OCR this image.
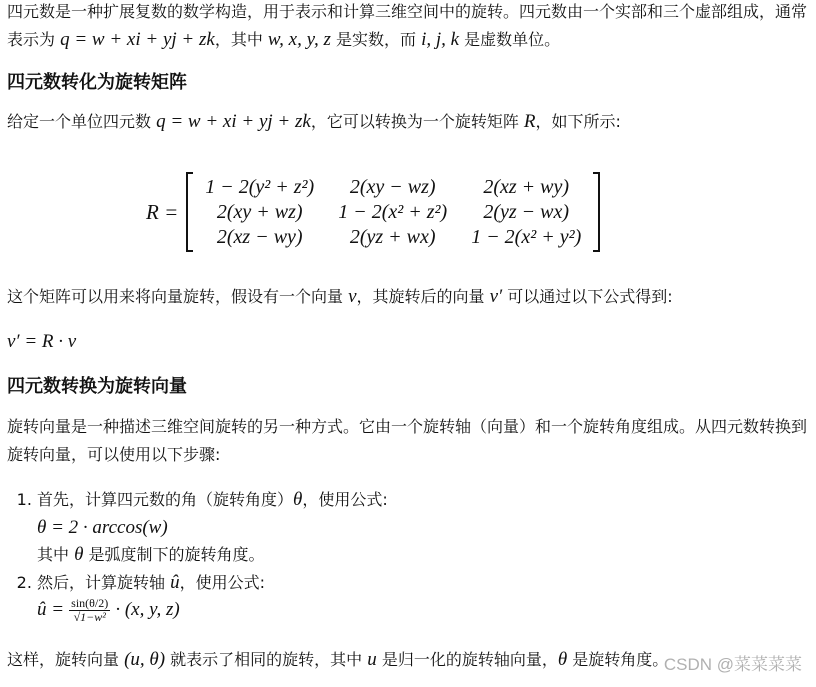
四元数是一种扩展复数的数学构造，用于表示和计算三维空间中的旋转。四元数由一个实部和三个虚部组成，通常表示为 q = w + xi + yj + zk，其中 w, x, y, z 是实数，而 i, j, k 是虚数单位。
四元数转化为旋转矩阵
给定一个单位四元数 q = w + xi + yj + zk，它可以转换为一个旋转矩阵 R，如下所示:
R =
1 − 2(y² + z²)	2(xy − wz)	2(xz + wy)
2(xy + wz)	1 − 2(x² + z²)	2(yz − wx)
2(xz − wy)	2(yz + wx)	1 − 2(x² + y²)
这个矩阵可以用来将向量旋转，假设有一个向量 v，其旋转后的向量 v′ 可以通过以下公式得到:
v′ = R · v
四元数转换为旋转向量
旋转向量是一种描述三维空间旋转的另一种方式。它由一个旋转轴（向量）和一个旋转角度组成。从四元数转换到旋转向量，可以使用以下步骤:
1. 首先，计算四元数的角（旋转角度）θ，使用公式:
θ = 2 · arccos(w)
其中 θ 是弧度制下的旋转角度。
2. 然后，计算旋转轴 û，使用公式:
û = $\frac{\sin(\theta/2)}{\text{√1−w²}} \cdot (x$, y, z)
这样，旋转向量 (u, θ) 就表示了相同的旋转，其中 u 是归一化的旋转轴向量，θ 是旋转角度。
CSDN @菜菜菜菜
